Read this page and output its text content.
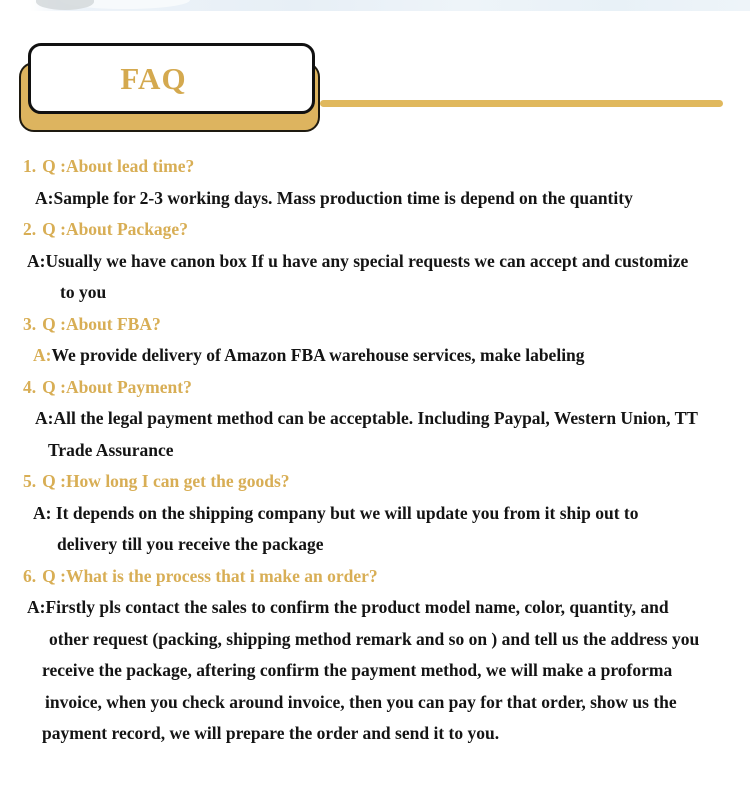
FAQ
1. Q :About lead time?
A:Sample for 2-3 working days. Mass production time is depend on the quantity
2. Q :About Package?
A:Usually we have canon box If u have any special requests we can accept and customize
to you
3. Q :About FBA?
A:We provide delivery of Amazon FBA warehouse services, make labeling
4. Q :About Payment?
A:All the legal payment method can be acceptable. Including Paypal, Western Union, TT
Trade Assurance
5. Q :How long I can get the goods?
A: It depends on the shipping company but we will update you from it ship out to
delivery till you receive the package
6. Q :What is the process that i make an order?
A:Firstly pls contact the sales to confirm the product model name, color, quantity, and
other request (packing, shipping method remark and so on ) and tell us the address you
receive the package, aftering confirm the payment method, we will make a proforma
invoice, when you check around invoice, then you can pay for that order, show us the
payment record, we will prepare the order and send it to you.
